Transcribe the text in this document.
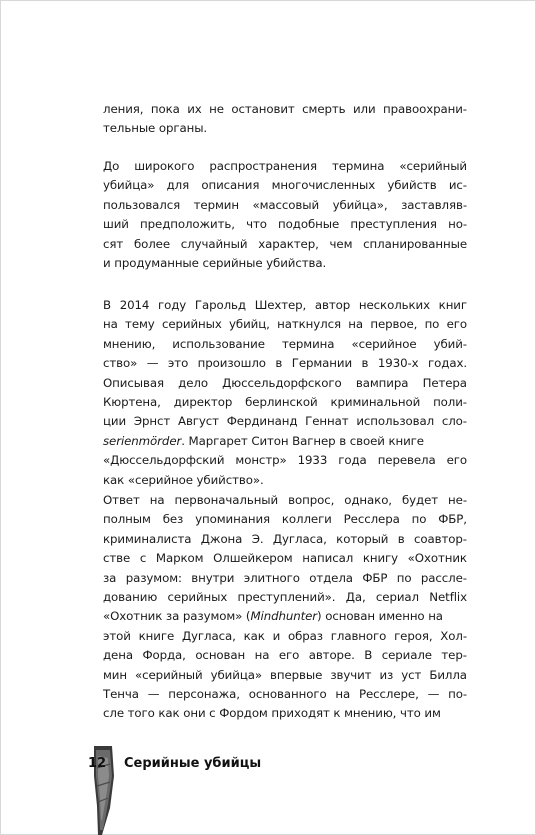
ления, пока их не остановит смерть или правоохрани-
тельные органы.
До широкого распространения термина «серийный
убийца» для описания многочисленных убийств ис-
пользовался термин «массовый убийца», заставляв-
ший предположить, что подобные преступления но-
сят более случайный характер, чем спланированные
и продуманные серийные убийства.
В 2014 году Гарольд Шехтер, автор нескольких книг
на тему серийных убийц, наткнулся на первое, по его
мнению, использование термина «серийное убий-
ство» — это произошло в Германии в 1930-х годах.
Описывая дело Дюссельдорфского вампира Петера
Кюртена, директор берлинской криминальной поли-
ции Эрнст Август Фердинанд Геннат использовал сло-
serienmörder. Маргарет Ситон Вагнер в своей книге
«Дюссельдорфский монстр» 1933 года перевела его
как «серийное убийство».
Ответ на первоначальный вопрос, однако, будет не-
полным без упоминания коллеги Ресслера по ФБР,
криминалиста Джона Э. Дугласа, который в соавтор-
стве с Марком Олшейкером написал книгу «Охотник
за разумом: внутри элитного отдела ФБР по рассле-
дованию серийных преступлений». Да, сериал Netflix
«Охотник за разумом» (Mindhunter) основан именно на
этой книге Дугласа, как и образ главного героя, Хол-
дена Форда, основан на его авторе. В сериале тер-
мин «серийный убийца» впервые звучит из уст Билла
Тенча — персонажа, основанного на Ресслере, — по-
сле того как они с Фордом приходят к мнению, что им
12 Серийные убийцы
